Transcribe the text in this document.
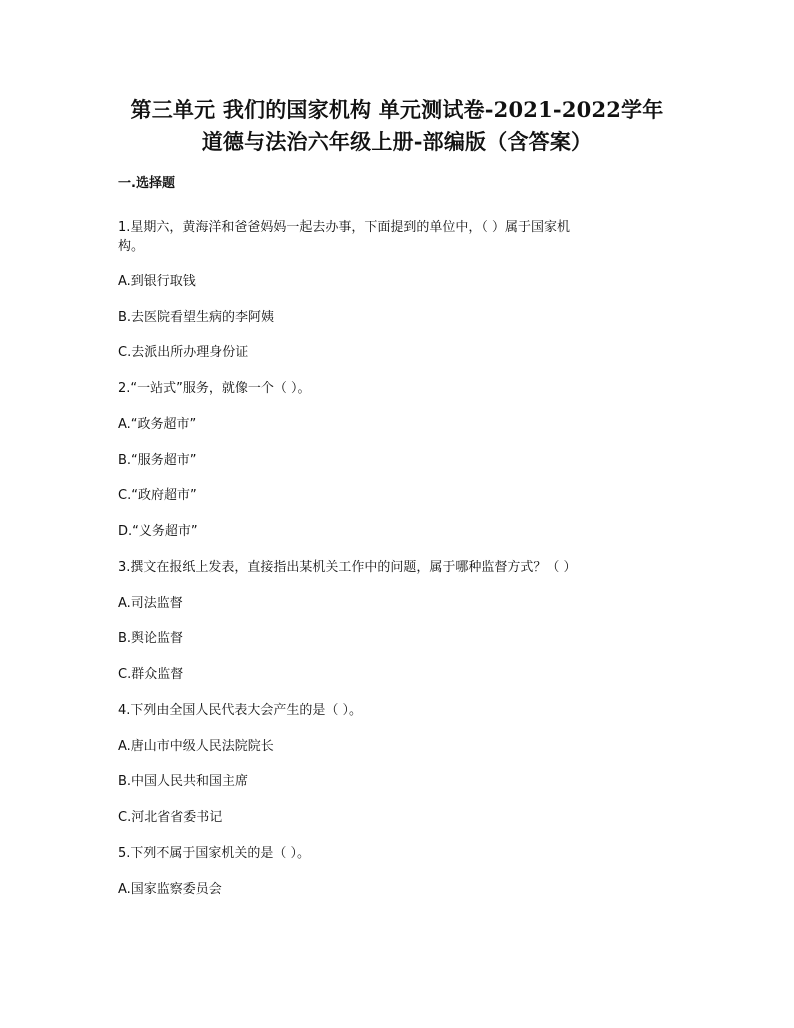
第三单元 我们的国家机构 单元测试卷-2021-2022学年
道德与法治六年级上册-部编版（含答案）
一.选择题
1.星期六，黄海洋和爸爸妈妈一起去办事，下面提到的单位中，（ ）属于国家机
构。
A.到银行取钱
B.去医院看望生病的李阿姨
C.去派出所办理身份证
2.“一站式”服务，就像一个（ ）。
A.“政务超市”
B.“服务超市”
C.“政府超市”
D.“义务超市”
3.撰文在报纸上发表，直接指出某机关工作中的问题，属于哪种监督方式？（ ）
A.司法监督
B.舆论监督
C.群众监督
4.下列由全国人民代表大会产生的是（ ）。
A.唐山市中级人民法院院长
B.中国人民共和国主席
C.河北省省委书记
5.下列不属于国家机关的是（ ）。
A.国家监察委员会
